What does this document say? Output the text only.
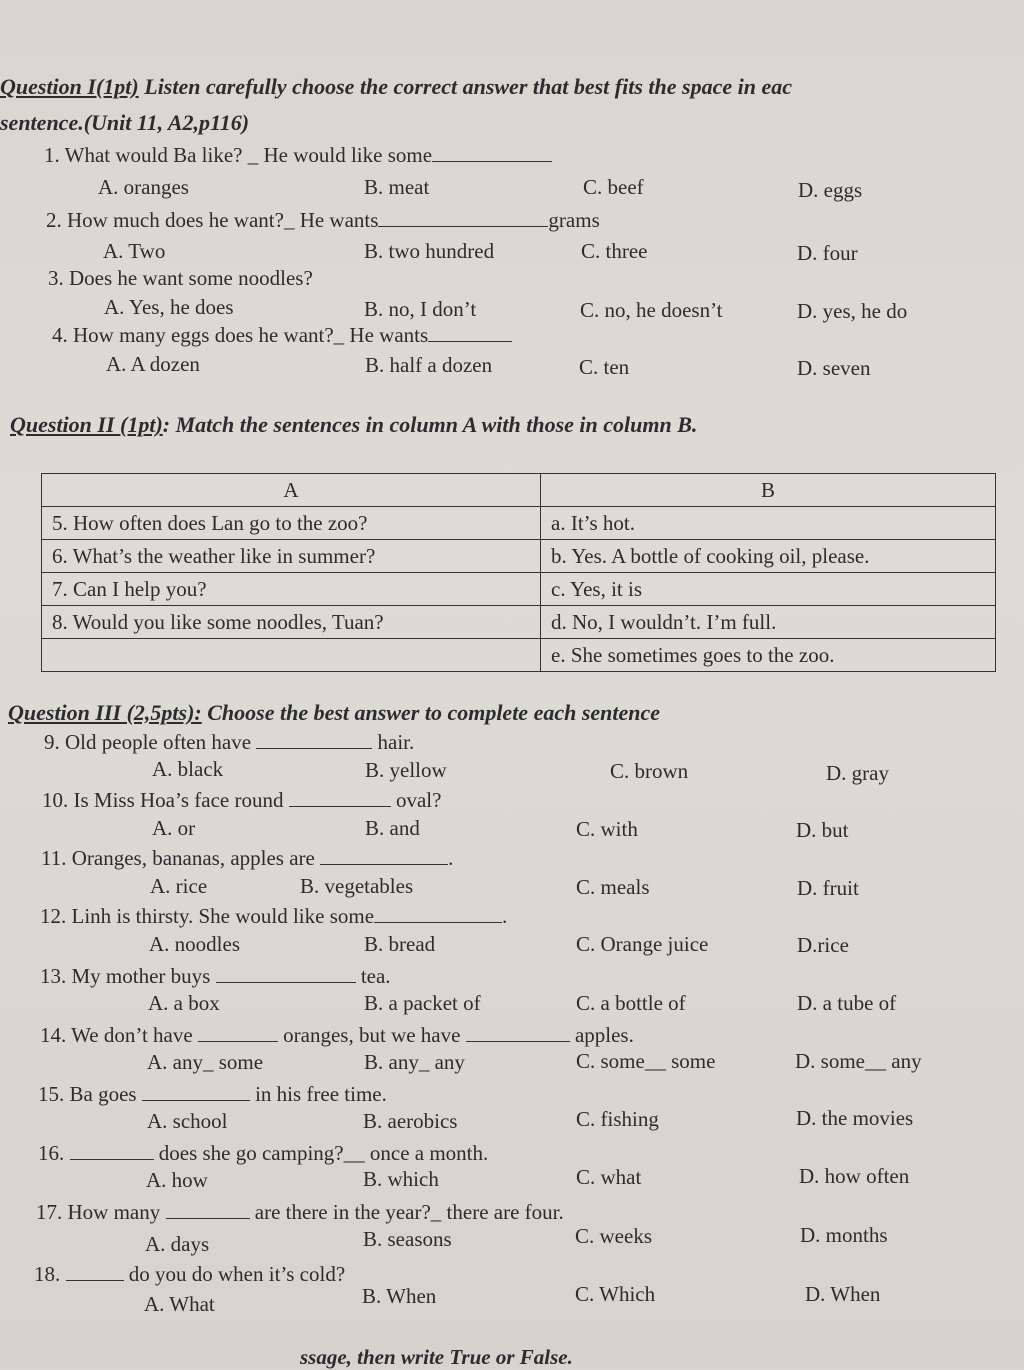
Question I(1pt) Listen carefully choose the correct answer that best fits the space in eac
sentence.(Unit 11, A2,p116)
1. What would Ba like? _ He would like some
A. oranges	B. meat	C. beef	D. eggs
2. How much does he want?_ He wants	grams
A. Two	B. two hundred	C. three	D. four
3. Does he want some noodles?
A. Yes, he does	B. no, I don’t	C. no, he doesn’t	D. yes, he do
4. How many eggs does he want?_ He wants
A. A dozen	B. half a dozen	C. ten	D. seven
Question II (1pt): Match the sentences in column A with those in column B.
A	B
5. How often does Lan go to the zoo?	a. It’s hot.
6. What’s the weather like in summer?	b. Yes. A bottle of cooking oil, please.
7. Can I help you?	c. Yes, it is
8. Would you like some noodles, Tuan?	d. No, I wouldn’t. I’m full.
	e. She sometimes goes to the zoo.
Question III (2,5pts): Choose the best answer to complete each sentence
9. Old people often have	hair.
A. black	B. yellow	C. brown	D. gray
10. Is Miss Hoa’s face round	oval?
A. or	B. and	C. with	D. but
11. Oranges, bananas, apples are	.
A. rice	B. vegetables	C. meals	D. fruit
12. Linh is thirsty. She would like some	.
A. noodles	B. bread	C. Orange juice	D.rice
13. My mother buys	tea.
A. a box	B. a packet of	C. a bottle of	D. a tube of
14. We don’t have	oranges, but we have	apples.
A. any_ some	B. any_ any	C. some__ some	D. some__ any
15. Ba goes	in his free time.
A. school	B. aerobics	C. fishing	D. the movies
16.	does she go camping?__ once a month.
A. how	B. which	C. what	D. how often
17. How many	are there in the year?_ there are four.
A. days	B. seasons	C. weeks	D. months
18.	do you do when it’s cold?
A. What	B. When	C. Which	D. When
ssage, then write True or False.
